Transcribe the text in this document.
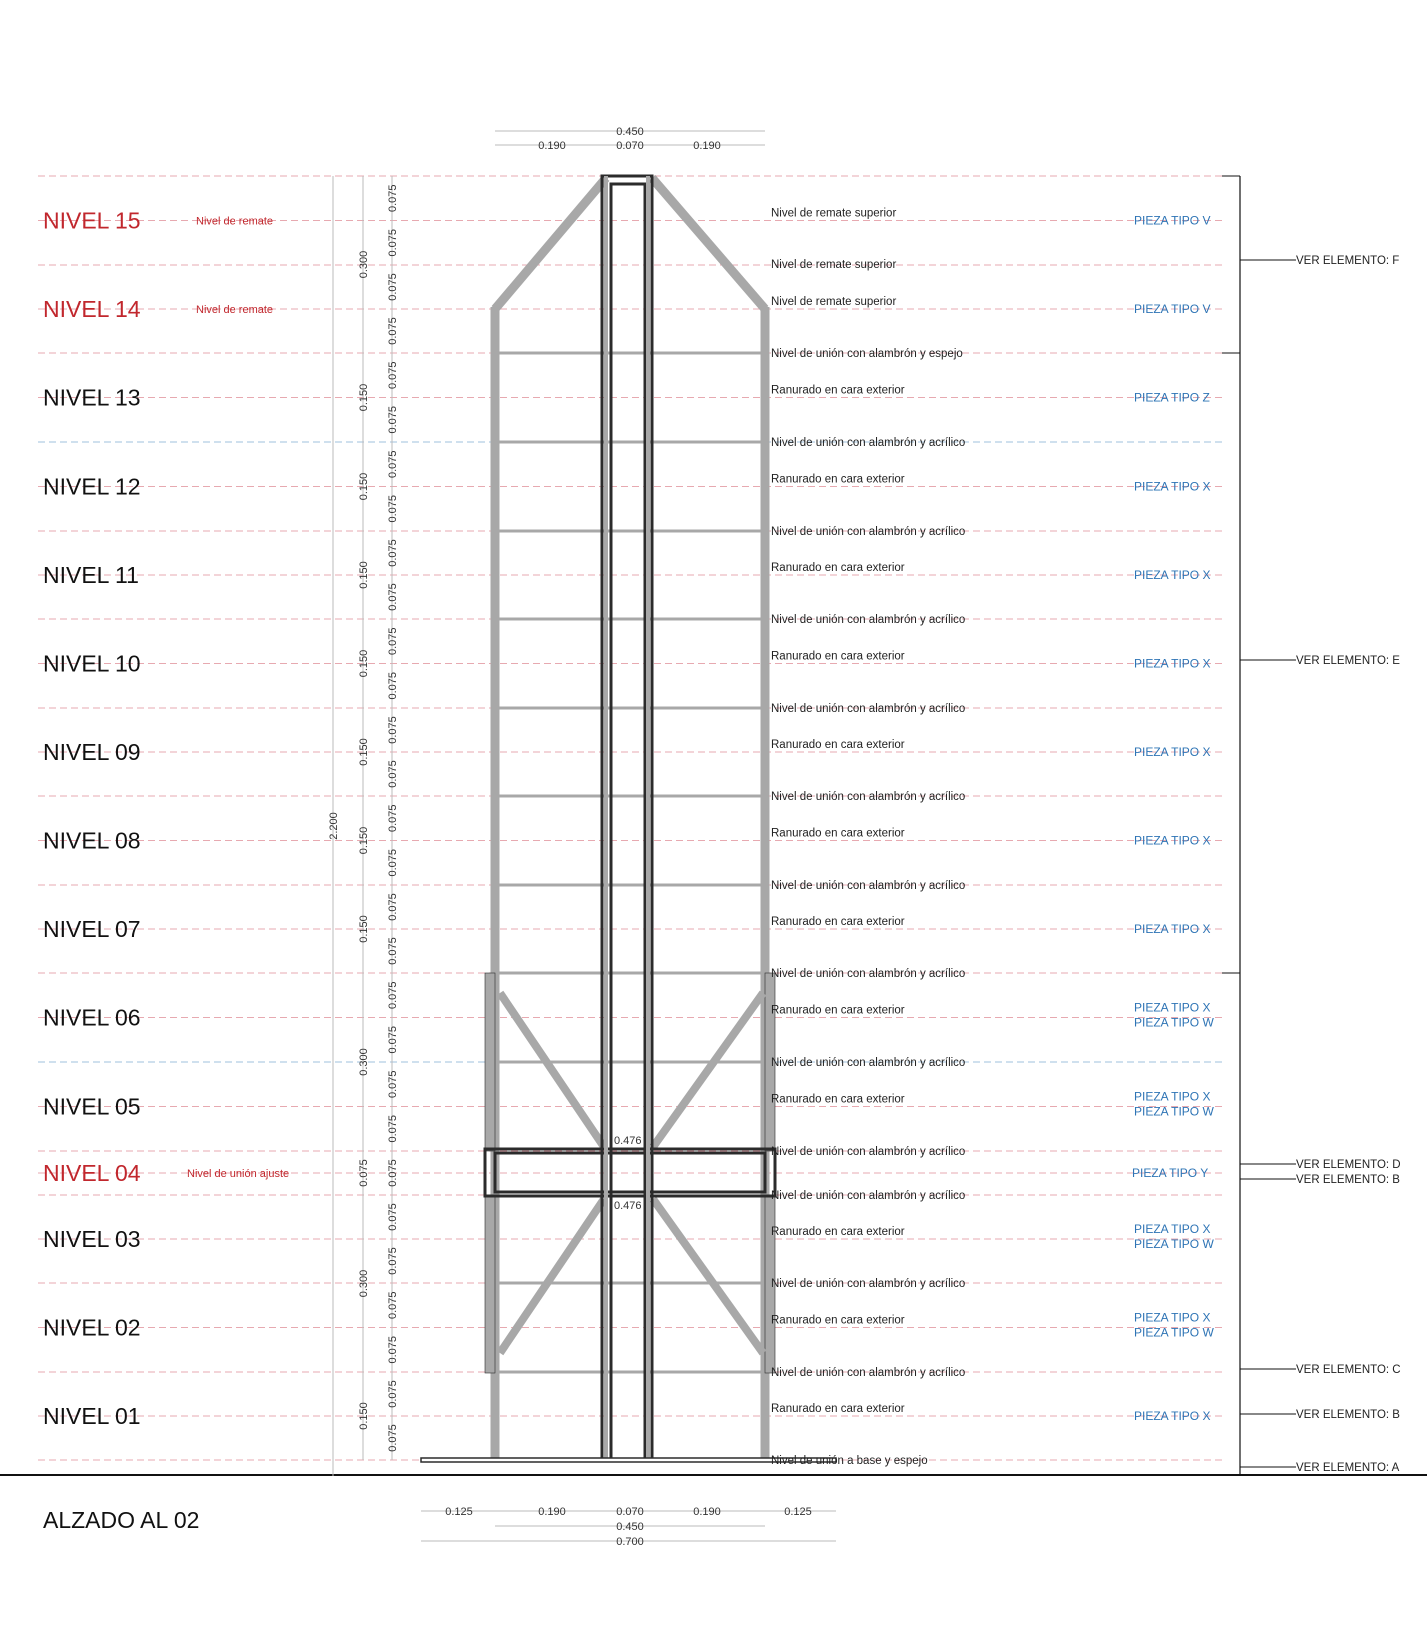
0.476
0.476
NIVEL 15	Nivel de remate
NIVEL 14	Nivel de remate
NIVEL 13
NIVEL 12
NIVEL 11
NIVEL 10
NIVEL 09
NIVEL 08
NIVEL 07
NIVEL 06
NIVEL 05
NIVEL 04	Nivel de unión ajuste
NIVEL 03
NIVEL 02
NIVEL 01
Nivel de remate superior	PIEZA TIPO V
Nivel de remate superior	PIEZA TIPO V
Ranurado en cara exterior	PIEZA TIPO Z
Ranurado en cara exterior	PIEZA TIPO X
Ranurado en cara exterior	PIEZA TIPO X
Ranurado en cara exterior	PIEZA TIPO X
Ranurado en cara exterior	PIEZA TIPO X
Ranurado en cara exterior	PIEZA TIPO X
Ranurado en cara exterior	PIEZA TIPO X
Ranurado en cara exterior	PIEZA TIPO X
PIEZA TIPO W
Ranurado en cara exterior	PIEZA TIPO X
PIEZA TIPO W
Ranurado en cara exterior	PIEZA TIPO X
PIEZA TIPO W
Ranurado en cara exterior	PIEZA TIPO X
PIEZA TIPO W
Ranurado en cara exterior	PIEZA TIPO X
PIEZA TIPO Y
Nivel de remate superior
Nivel de unión con alambrón y espejo
Nivel de unión con alambrón y acrílico
Nivel de unión con alambrón y acrílico
Nivel de unión con alambrón y acrílico
Nivel de unión con alambrón y acrílico
Nivel de unión con alambrón y acrílico
Nivel de unión con alambrón y acrílico
Nivel de unión con alambrón y acrílico
Nivel de unión con alambrón y acrílico
Nivel de unión con alambrón y acrílico
Nivel de unión con alambrón y acrílico
Nivel de unión con alambrón y acrílico
Nivel de unión con alambrón y acrílico
Nivel de unión a base y espejo
VER ELEMENTO: F
VER ELEMENTO: E
VER ELEMENTO: D
VER ELEMENTO: B
VER ELEMENTO: C
VER ELEMENTO: B
VER ELEMENTO: A
2.200
0.300
0.150
0.150
0.150
0.150
0.150
0.150
0.150
0.300
0.075
0.300
0.150
0.075
0.075
0.075
0.075
0.075
0.075
0.075
0.075
0.075
0.075
0.075
0.075
0.075
0.075
0.075
0.075
0.075
0.075
0.075
0.075
0.075
0.075
0.075
0.075
0.075
0.075
0.075
0.075
0.075
0.450
0.190	0.070	0.190
0.125	0.190	0.070	0.190	0.125
0.450
0.700
ALZADO AL 02
